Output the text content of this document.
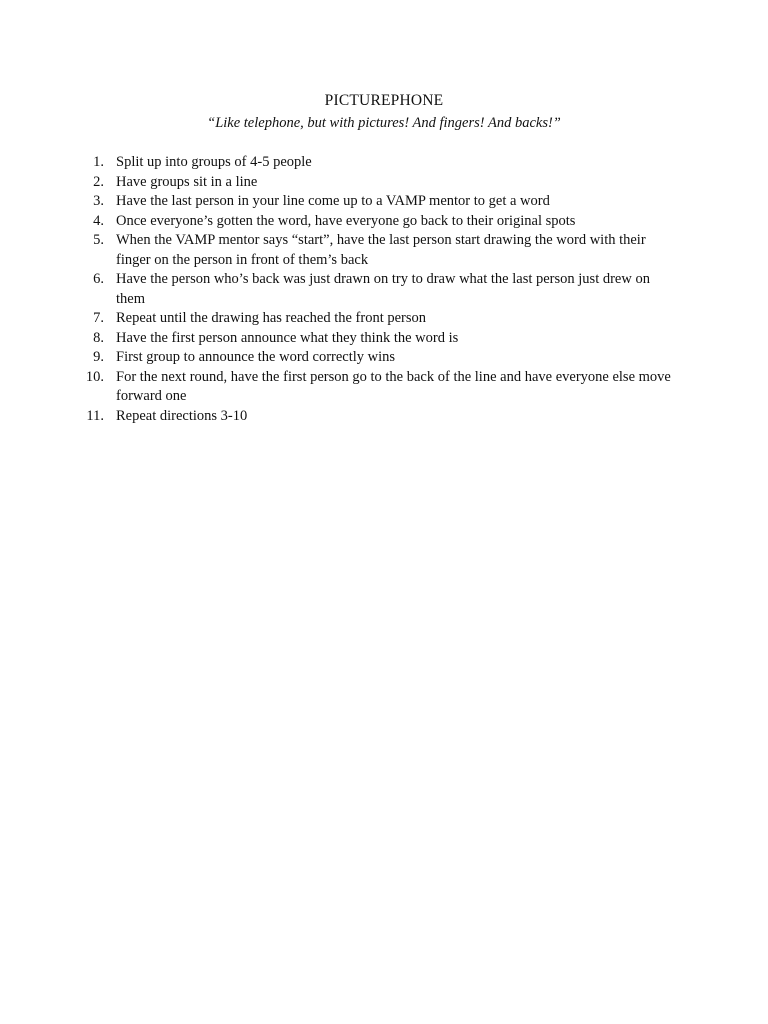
PICTUREPHONE
“Like telephone, but with pictures! And fingers! And backs!”
1. Split up into groups of 4-5 people
2. Have groups sit in a line
3. Have the last person in your line come up to a VAMP mentor to get a word
4. Once everyone’s gotten the word, have everyone go back to their original spots
5. When the VAMP mentor says “start”, have the last person start drawing the word with their finger on the person in front of them’s back
6. Have the person who’s back was just drawn on try to draw what the last person just drew on them
7. Repeat until the drawing has reached the front person
8. Have the first person announce what they think the word is
9. First group to announce the word correctly wins
10. For the next round, have the first person go to the back of the line and have everyone else move forward one
11. Repeat directions 3-10
